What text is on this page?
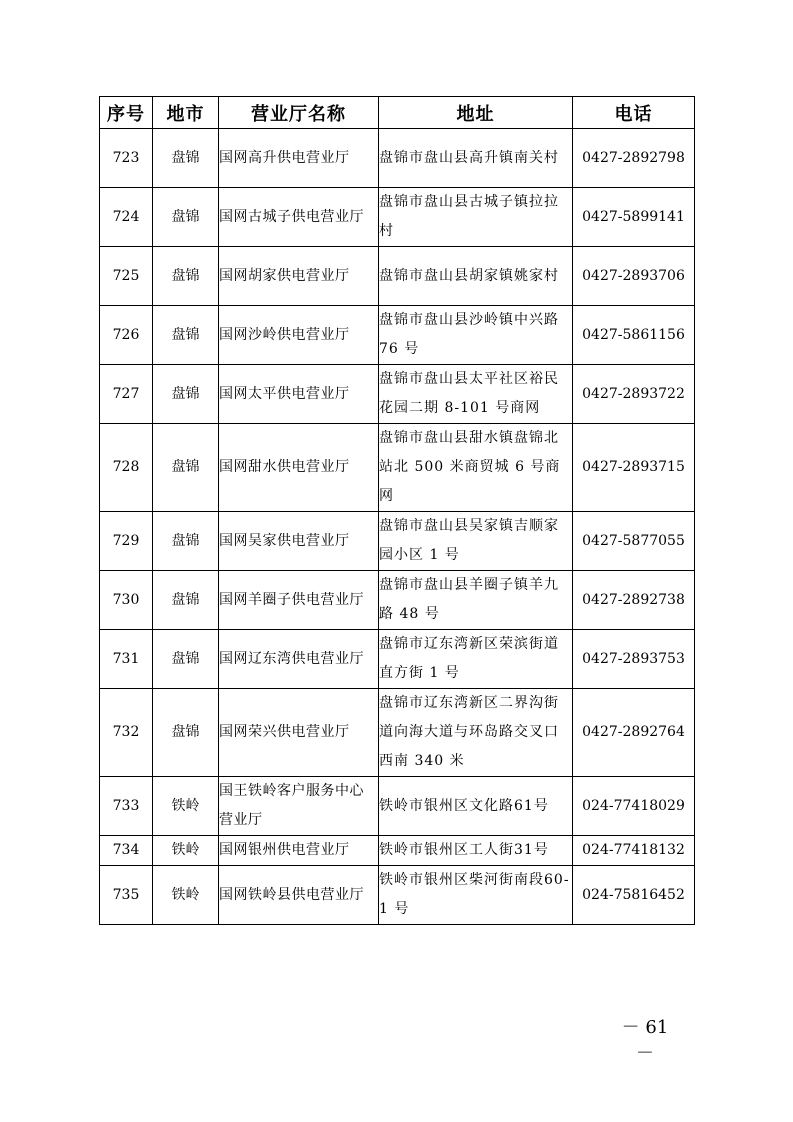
序号	地市	营业厅名称	地址	电话
723	盘锦	国网高升供电营业厅	盘锦市盘山县高升镇南关村	0427-2892798
724	盘锦	国网古城子供电营业厅	盘锦市盘山县古城子镇拉拉村	0427-5899141
725	盘锦	国网胡家供电营业厅	盘锦市盘山县胡家镇姚家村	0427-2893706
726	盘锦	国网沙岭供电营业厅	盘锦市盘山县沙岭镇中兴路 76 号	0427-5861156
727	盘锦	国网太平供电营业厅	盘锦市盘山县太平社区裕民花园二期 8-101 号商网	0427-2893722
728	盘锦	国网甜水供电营业厅	盘锦市盘山县甜水镇盘锦北站北 500 米商贸城 6 号商网	0427-2893715
729	盘锦	国网吴家供电营业厅	盘锦市盘山县吴家镇吉顺家园小区 1 号	0427-5877055
730	盘锦	国网羊圈子供电营业厅	盘锦市盘山县羊圈子镇羊九路 48 号	0427-2892738
731	盘锦	国网辽东湾供电营业厅	盘锦市辽东湾新区荣滨街道直方街 1 号	0427-2893753
732	盘锦	国网荣兴供电营业厅	盘锦市辽东湾新区二界沟街道向海大道与环岛路交叉口西南 340 米	0427-2892764
733	铁岭	国王铁岭客户服务中心营业厅	铁岭市银州区文化路61号	024-77418029
734	铁岭	国网银州供电营业厅	铁岭市银州区工人街31号	024-77418132
735	铁岭	国网铁岭县供电营业厅	铁岭市银州区柴河街南段60-1 号	024-75816452
－ 61 －
